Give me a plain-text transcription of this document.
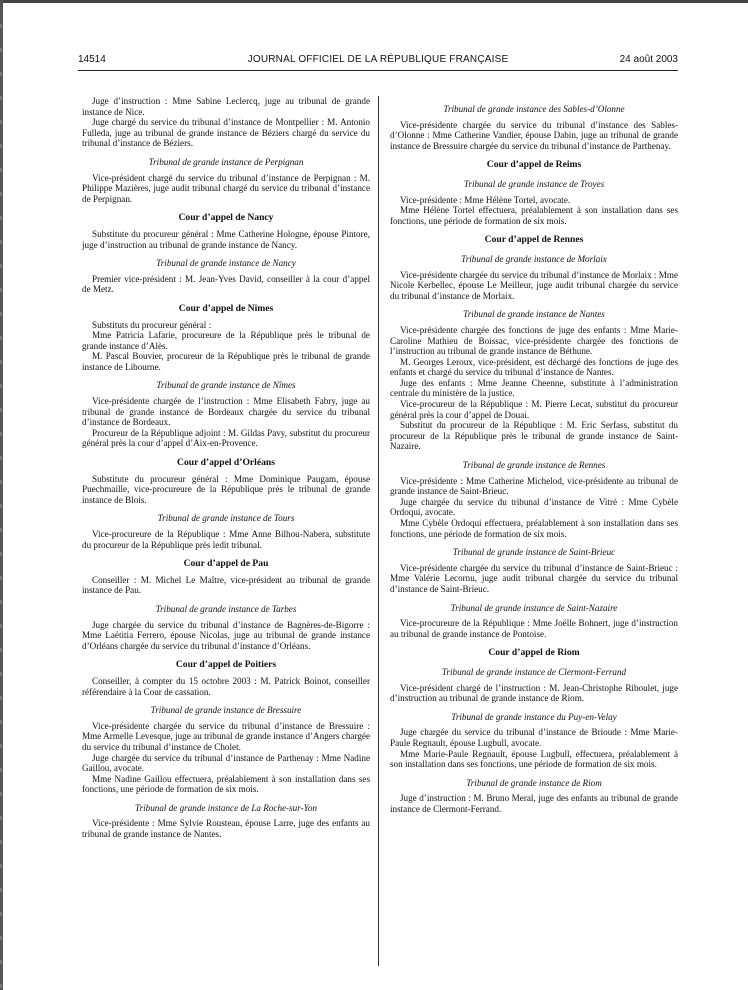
14514	JOURNAL OFFICIEL DE LA RÉPUBLIQUE FRANÇAISE	24 août 2003

Juge d’instruction : Mme Sabine Leclercq, juge au tribunal de grande instance de Nice.

Juge chargé du service du tribunal d’instance de Montpellier : M. Antonio Fulleda, juge au tribunal de grande instance de Béziers chargé du service du tribunal d’instance de Béziers.

Tribunal de grande instance de Perpignan

Vice-président chargé du service du tribunal d’instance de Perpignan : M. Philippe Mazières, juge audit tribunal chargé du service du tribunal d’instance de Perpignan.

Cour d’appel de Nancy

Substitute du procureur général : Mme Catherine Hologne, épouse Pintore, juge d’instruction au tribunal de grande instance de Nancy.

Tribunal de grande instance de Nancy

Premier vice-président : M. Jean-Yves David, conseiller à la cour d’appel de Metz.

Cour d’appel de Nîmes

Substituts du procureur général :

Mme Patricia Lafarie, procureure de la République près le tribunal de grande instance d’Alès.

M. Pascal Bouvier, procureur de la République près le tribunal de grande instance de Libourne.

Tribunal de grande instance de Nîmes

Vice-présidente chargée de l’instruction : Mme Elisabeth Fabry, juge au tribunal de grande instance de Bordeaux chargée du service du tribunal d’instance de Bordeaux.

Procureur de la République adjoint : M. Gildas Pavy, substitut du procureur général près la cour d’appel d’Aix-en-Provence.

Cour d’appel d’Orléans

Substitute du procureur général : Mme Dominique Paugam, épouse Puechmaille, vice-procureure de la République près le tribunal de grande instance de Blois.

Tribunal de grande instance de Tours

Vice-procureure de la République : Mme Anne Bilhou-Nabera, substitute du procureur de la République près ledit tribunal.

Cour d’appel de Pau

Conseiller : M. Michel Le Maître, vice-président au tribunal de grande instance de Pau.

Tribunal de grande instance de Tarbes

Juge chargée du service du tribunal d’instance de Bagnères-de-Bigorre : Mme Laëtitia Ferrero, épouse Nicolas, juge au tribunal de grande instance d’Orléans chargée du service du tribunal d’instance d’Orléans.

Cour d’appel de Poitiers

Conseiller, à compter du 15 octobre 2003 : M. Patrick Boinot, conseiller référendaire à la Cour de cassation.

Tribunal de grande instance de Bressuire

Vice-présidente chargée du service du tribunal d’instance de Bressuire : Mme Armelle Levesque, juge au tribunal de grande instance d’Angers chargée du service du tribunal d’instance de Cholet.

Juge chargée du service du tribunal d’instance de Parthenay : Mme Nadine Gaillou, avocate.

Mme Nadine Gaillou effectuera, préalablement à son installation dans ses fonctions, une période de formation de six mois.

Tribunal de grande instance de La Roche-sur-Yon

Vice-présidente : Mme Sylvie Rousteau, épouse Larre, juge des enfants au tribunal de grande instance de Nantes.

Tribunal de grande instance des Sables-d’Olonne

Vice-présidente chargée du service du tribunal d’instance des Sables-d’Olonne : Mme Catherine Vandier, épouse Dabin, juge au tribunal de grande instance de Bressuire chargée du service du tribunal d’instance de Parthenay.

Cour d’appel de Reims

Tribunal de grande instance de Troyes

Vice-présidente : Mme Hélène Tortel, avocate.

Mme Hélène Tortel effectuera, préalablement à son installation dans ses fonctions, une période de formation de six mois.

Cour d’appel de Rennes

Tribunal de grande instance de Morlaix

Vice-présidente chargée du service du tribunal d’instance de Morlaix : Mme Nicole Kerbellec, épouse Le Meilleur, juge audit tribunal chargée du service du tribunal d’instance de Morlaix.

Tribunal de grande instance de Nantes

Vice-présidente chargée des fonctions de juge des enfants : Mme Marie-Caroline Mathieu de Boissac, vice-présidente chargée des fonctions de l’instruction au tribunal de grande instance de Béthune.

M. Georges Leroux, vice-président, est déchargé des fonctions de juge des enfants et chargé du service du tribunal d’instance de Nantes.

Juge des enfants : Mme Jeanne Cheenne, substitute à l’administration centrale du ministère de la justice.

Vice-procureur de la République : M. Pierre Lecat, substitut du procureur général près la cour d’appel de Douai.

Substitut du procureur de la République : M. Eric Serfass, substitut du procureur de la République près le tribunal de grande instance de Saint-Nazaire.

Tribunal de grande instance de Rennes

Vice-présidente : Mme Catherine Michelod, vice-présidente au tribunal de grande instance de Saint-Brieuc.

Juge chargée du service du tribunal d’instance de Vitré : Mme Cybèle Ordoqui, avocate.

Mme Cybèle Ordoqui effectuera, préalablement à son installation dans ses fonctions, une période de formation de six mois.

Tribunal de grande instance de Saint-Brieuc

Vice-présidente chargée du service du tribunal d’instance de Saint-Brieuc : Mme Valérie Lecornu, juge audit tribunal chargée du service du tribunal d’instance de Saint-Brieuc.

Tribunal de grande instance de Saint-Nazaire

Vice-procureure de la République : Mme Joëlle Bohnert, juge d’instruction au tribunal de grande instance de Pontoise.

Cour d’appel de Riom

Tribunal de grande instance de Clermont-Ferrand

Vice-président chargé de l’instruction : M. Jean-Christophe Riboulet, juge d’instruction au tribunal de grande instance de Riom.

Tribunal de grande instance du Puy-en-Velay

Juge chargée du service du tribunal d’instance de Brioude : Mme Marie-Paule Regnault, épouse Lugbull, avocate.

Mme Marie-Paule Regnault, épouse Lugbull, effectuera, préalablement à son installation dans ses fonctions, une période de formation de six mois.

Tribunal de grande instance de Riom

Juge d’instruction : M. Bruno Meral, juge des enfants au tribunal de grande instance de Clermont-Ferrand.
